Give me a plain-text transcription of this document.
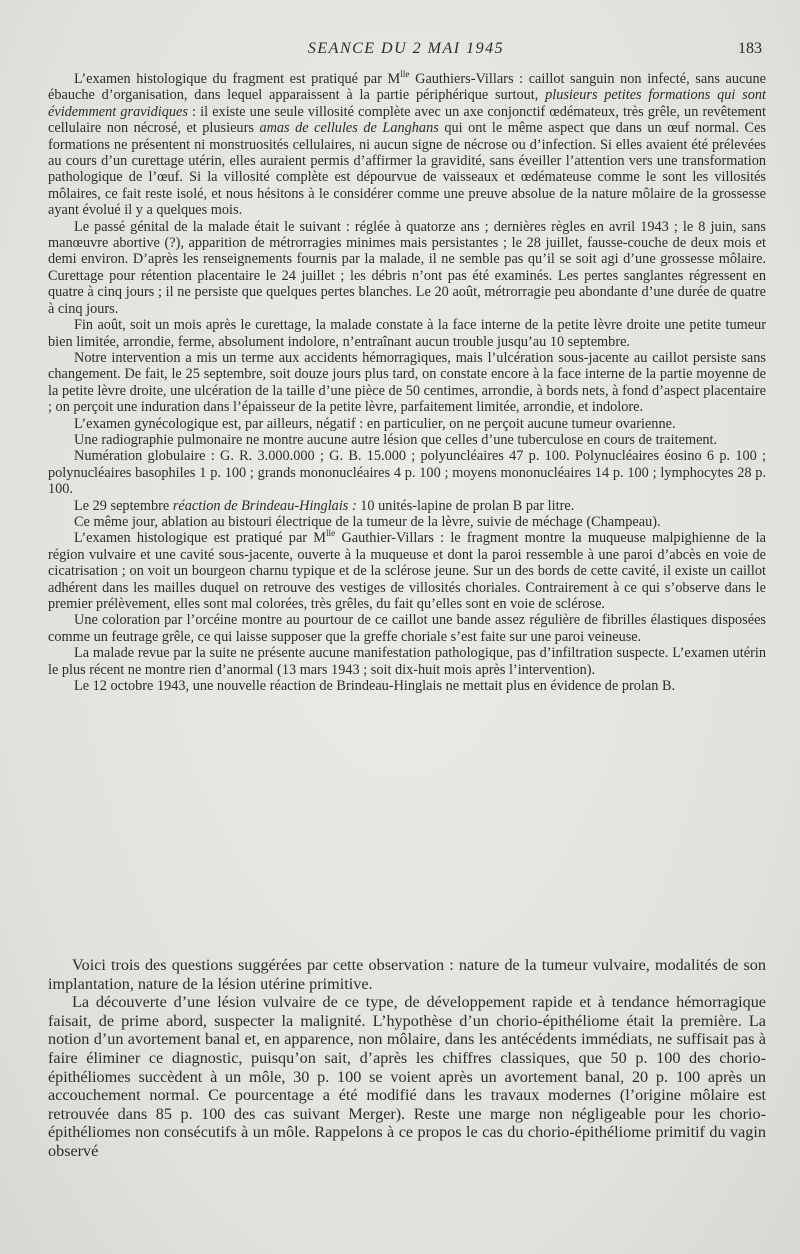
SEANCE DU 2 MAI 1945	183

L’examen histologique du fragment est pratiqué par $M^{lle}$ Gauthiers-Villars : caillot sanguin non infecté, sans aucune ébauche d’organisation, dans lequel apparaissent à la partie périphérique surtout, plusieurs petites formations qui sont évidemment gravidiques : il existe une seule villosité complète avec un axe conjonctif œdémateux, très grêle, un revêtement cellulaire non nécrosé, et plusieurs amas de cellules de Langhans qui ont le même aspect que dans un œuf normal. Ces formations ne présentent ni monstruosités cellulaires, ni aucun signe de nécrose ou d’infection. Si elles avaient été prélevées au cours d’un curettage utérin, elles auraient permis d’affirmer la gravidité, sans éveiller l’attention vers une transformation pathologique de l’œuf. Si la villosité complète est dépourvue de vaisseaux et œdémateuse comme le sont les villosités môlaires, ce fait reste isolé, et nous hésitons à le considérer comme une preuve absolue de la nature môlaire de la grossesse ayant évolué il y a quelques mois.

Le passé génital de la malade était le suivant : réglée à quatorze ans ; dernières règles en avril 1943 ; le 8 juin, sans manœuvre abortive (?), apparition de métrorragies minimes mais persistantes ; le 28 juillet, fausse-couche de deux mois et demi environ. D’après les renseignements fournis par la malade, il ne semble pas qu’il se soit agi d’une grossesse môlaire. Curettage pour rétention placentaire le 24 juillet ; les débris n’ont pas été examinés. Les pertes sanglantes régressent en quatre à cinq jours ; il ne persiste que quelques pertes blanches. Le 20 août, métrorragie peu abondante d’une durée de quatre à cinq jours.

Fin août, soit un mois après le curettage, la malade constate à la face interne de la petite lèvre droite une petite tumeur bien limitée, arrondie, ferme, absolument indolore, n’entraînant aucun trouble jusqu’au 10 septembre.

Notre intervention a mis un terme aux accidents hémorragiques, mais l’ulcération sous-jacente au caillot persiste sans changement. De fait, le 25 septembre, soit douze jours plus tard, on constate encore à la face interne de la partie moyenne de la petite lèvre droite, une ulcération de la taille d’une pièce de 50 centimes, arrondie, à bords nets, à fond d’aspect placentaire ; on perçoit une induration dans l’épaisseur de la petite lèvre, parfaitement limitée, arrondie, et indolore.

L’examen gynécologique est, par ailleurs, négatif : en particulier, on ne perçoit aucune tumeur ovarienne.

Une radiographie pulmonaire ne montre aucune autre lésion que celles d’une tuberculose en cours de traitement.

Numération globulaire : G. R. 3.000.000 ; G. B. 15.000 ; polyuncléaires 47 p. 100. Polynucléaires éosino 6 p. 100 ; polynucléaires basophiles 1 p. 100 ; grands mononucléaires 4 p. 100 ; moyens mononucléaires 14 p. 100 ; lymphocytes 28 p. 100.

Le 29 septembre réaction de Brindeau-Hinglais : 10 unités-lapine de prolan B par litre.

Ce même jour, ablation au bistouri électrique de la tumeur de la lèvre, suivie de méchage (Champeau).

L’examen histologique est pratiqué par $M^{lle}$ Gauthier-Villars : le fragment montre la muqueuse malpighienne de la région vulvaire et une cavité sous-jacente, ouverte à la muqueuse et dont la paroi ressemble à une paroi d’abcès en voie de cicatrisation ; on voit un bourgeon charnu typique et de la sclérose jeune. Sur un des bords de cette cavité, il existe un caillot adhérent dans les mailles duquel on retrouve des vestiges de villosités choriales. Contrairement à ce qui s’observe dans le premier prélèvement, elles sont mal colorées, très grêles, du fait qu’elles sont en voie de sclérose.

Une coloration par l’orcéine montre au pourtour de ce caillot une bande assez régulière de fibrilles élastiques disposées comme un feutrage grêle, ce qui laisse supposer que la greffe choriale s’est faite sur une paroi veineuse.

La malade revue par la suite ne présente aucune manifestation pathologique, pas d’infiltration suspecte. L’examen utérin le plus récent ne montre rien d’anormal (13 mars 1943 ; soit dix-huit mois après l’intervention).

Le 12 octobre 1943, une nouvelle réaction de Brindeau-Hinglais ne mettait plus en évidence de prolan B.

Voici trois des questions suggérées par cette observation : nature de la tumeur vulvaire, modalités de son implantation, nature de la lésion utérine primitive.

La découverte d’une lésion vulvaire de ce type, de développement rapide et à tendance hémorragique faisait, de prime abord, suspecter la malignité. L’hypothèse d’un chorio-épithéliome était la première. La notion d’un avortement banal et, en apparence, non môlaire, dans les antécédents immédiats, ne suffisait pas à faire éliminer ce diagnostic, puisqu’on sait, d’après les chiffres classiques, que 50 p. 100 des chorio-épithéliomes succèdent à un môle, 30 p. 100 se voient après un avortement banal, 20 p. 100 après un accouchement normal. Ce pourcentage a été modifié dans les travaux modernes (l’origine môlaire est retrouvée dans 85 p. 100 des cas suivant Merger). Reste une marge non négligeable pour les chorio-épithéliomes non consécutifs à un môle. Rappelons à ce propos le cas du chorio-épithéliome primitif du vagin observé
